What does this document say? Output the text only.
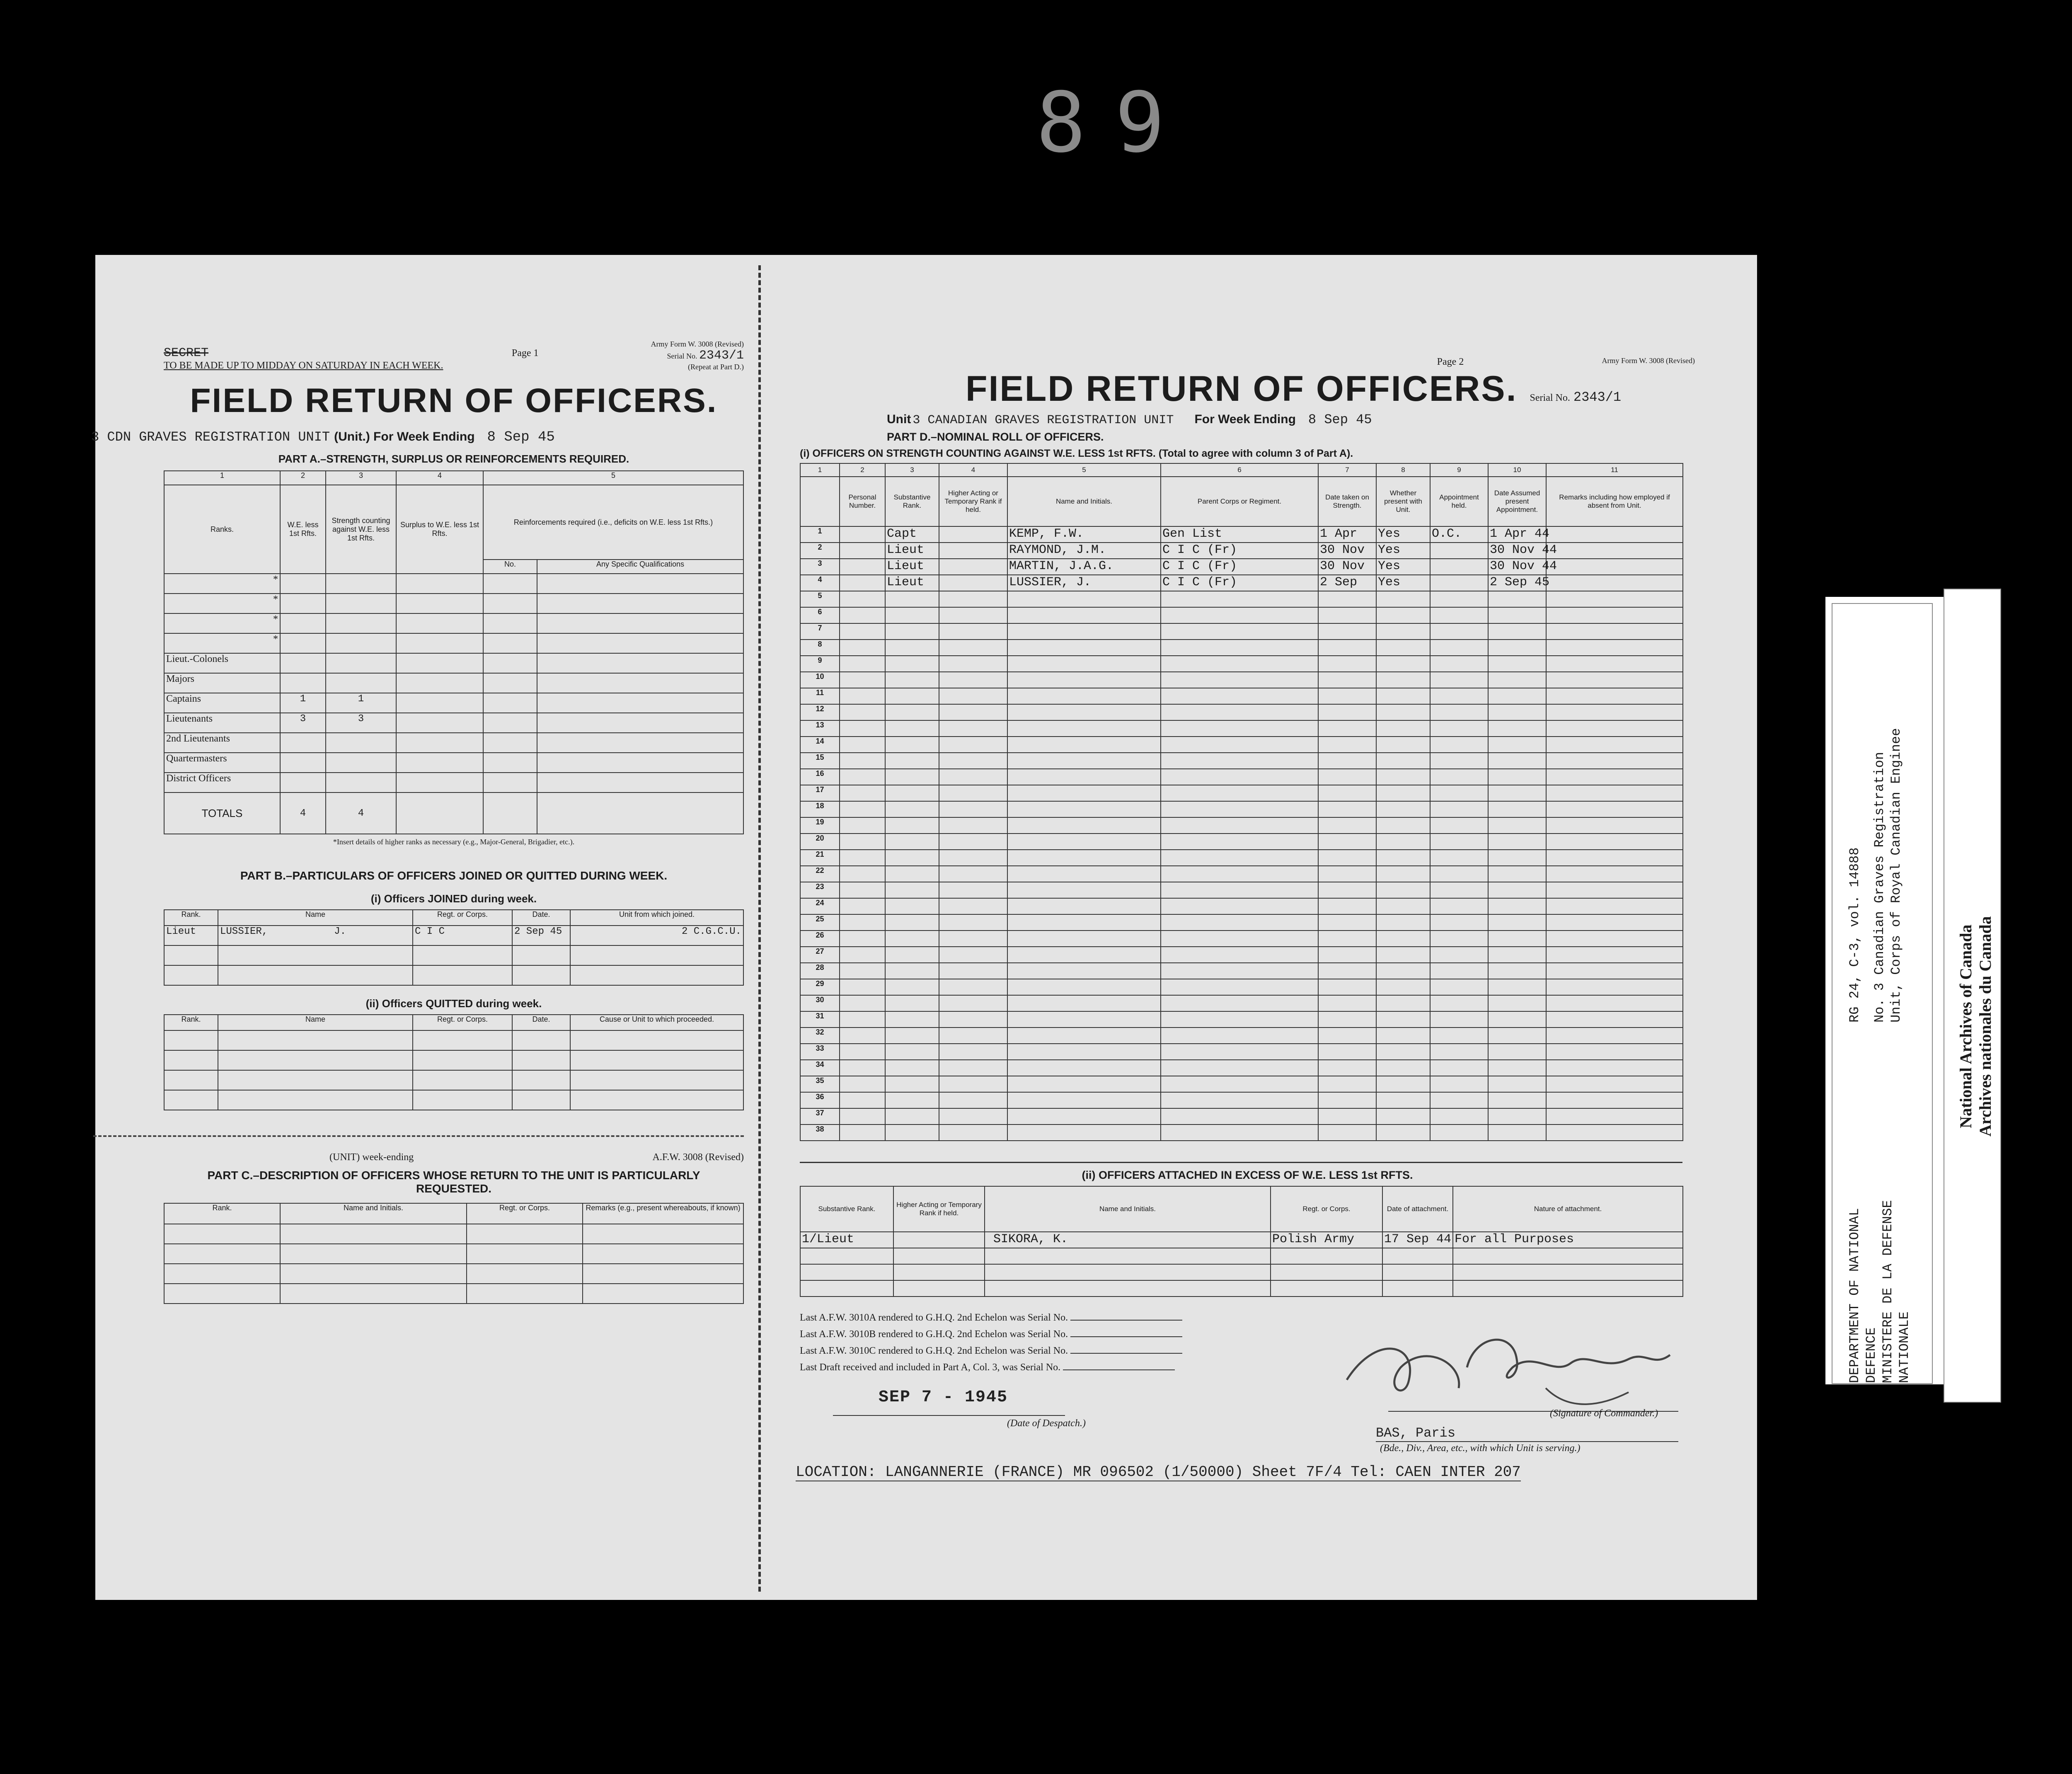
89
SECRET
TO BE MADE UP TO MIDDAY ON SATURDAY IN EACH WEEK.
Page 1
Army Form W. 3008 (Revised)
Serial No. 2343/1
(Repeat at Part D.)
FIELD RETURN OF OFFICERS.
3 CDN GRAVES REGISTRATION UNIT (Unit.) For Week Ending 8 Sep 45
PART A.–STRENGTH, SURPLUS OR REINFORCEMENTS REQUIRED.
1	2	3	4	5	
Ranks.	W.E. less 1st Rfts.	Strength counting against W.E. less 1st Rfts.	Surplus to W.E. less 1st Rfts.	Reinforcements required (i.e., deficits on W.E. less 1st Rfts.)	
				No.	Any Specific Qualifications
*					
*					
*					
*					
Lieut.-Colonels					
Majors					
Captains	1	1			
Lieutenants	3	3			
2nd Lieutenants					
Quartermasters					
District Officers					
TOTALS	4	4			
*Insert details of higher ranks as necessary (e.g., Major-General, Brigadier, etc.).
PART B.–PARTICULARS OF OFFICERS JOINED OR QUITTED DURING WEEK.
(i) Officers JOINED during week.
Rank.	Name	Regt. or Corps.	Date.	Unit from which joined.
Lieut	LUSSIER, J.	C I C	2 Sep 45	2 C.G.C.U.

(ii) Officers QUITTED during week.
Rank.	Name	Regt. or Corps.	Date.	Cause or Unit to which proceeded.

(UNIT) week-ending	A.F.W. 3008 (Revised)
PART C.–DESCRIPTION OF OFFICERS WHOSE RETURN TO THE UNIT IS PARTICULARLY REQUESTED.
Rank.	Name and Initials.	Regt. or Corps.	Remarks (e.g., present whereabouts, if known)

Page 2	Army Form W. 3008 (Revised)
FIELD RETURN OF OFFICERS. Serial No. 2343/1
Unit 3 CANADIAN GRAVES REGISTRATION UNIT For Week Ending 8 Sep 45
PART D.–NOMINAL ROLL OF OFFICERS.
(i) OFFICERS ON STRENGTH COUNTING AGAINST W.E. LESS 1st RFTS. (Total to agree with column 3 of Part A).
1	2	3	4	5	6	7	8	9	10	11
	Personal Number.	Substantive Rank.	Higher Acting or Temporary Rank if held.	Name and Initials.	Parent Corps or Regiment.	Date taken on Strength.	Whether present with Unit.	Appointment held.	Date Assumed present Appointment.	Remarks including how employed if absent from Unit.
1		Capt		KEMP, F.W.	Gen List	1 Apr	Yes	O.C.	1 Apr 44	
2		Lieut		RAYMOND, J.M.	C I C (Fr)	30 Nov	Yes		30 Nov 44	
3		Lieut		MARTIN, J.A.G.	C I C (Fr)	30 Nov	Yes		30 Nov 44	
4		Lieut		LUSSIER, J.	C I C (Fr)	2 Sep	Yes		2 Sep 45	
5										
6										
7										
8										
9										
10										
11										
12										
13										
14										
15										
16										
17										
18										
19										
20										
21										
22										
23										
24										
25										
26										
27										
28										
29										
30										
31										
32										
33										
34										
35										
36										
37										
38										
(ii) OFFICERS ATTACHED IN EXCESS OF W.E. LESS 1st RFTS.
Substantive Rank.	Higher Acting or Temporary Rank if held.	Name and Initials.	Regt. or Corps.	Date of attachment.	Nature of attachment.
1/Lieut		SIKORA, K.	Polish Army	17 Sep 44	For all Purposes

Last A.F.W. 3010A rendered to G.H.Q. 2nd Echelon was Serial No.
Last A.F.W. 3010B rendered to G.H.Q. 2nd Echelon was Serial No.
Last A.F.W. 3010C rendered to G.H.Q. 2nd Echelon was Serial No.
Last Draft received and included in Part A, Col. 3, was Serial No.
SEP 7 - 1945
(Date of Despatch.)
(Signature of Commander.)
BAS, Paris
(Bde., Div., Area, etc., with which Unit is serving.)
LOCATION: LANGANNERIE (FRANCE) MR 096502 (1/50000) Sheet 7F/4 Tel: CAEN INTER 207
RG 24, C-3, vol. 14888 No. 3 Canadian Graves Registration Unit, Corps of Royal Canadian Enginee
DEPARTMENT OF NATIONAL DEFENCE MINISTERE DE LA DEFENSE NATIONALE
National Archives of Canada Archives nationales du Canada
